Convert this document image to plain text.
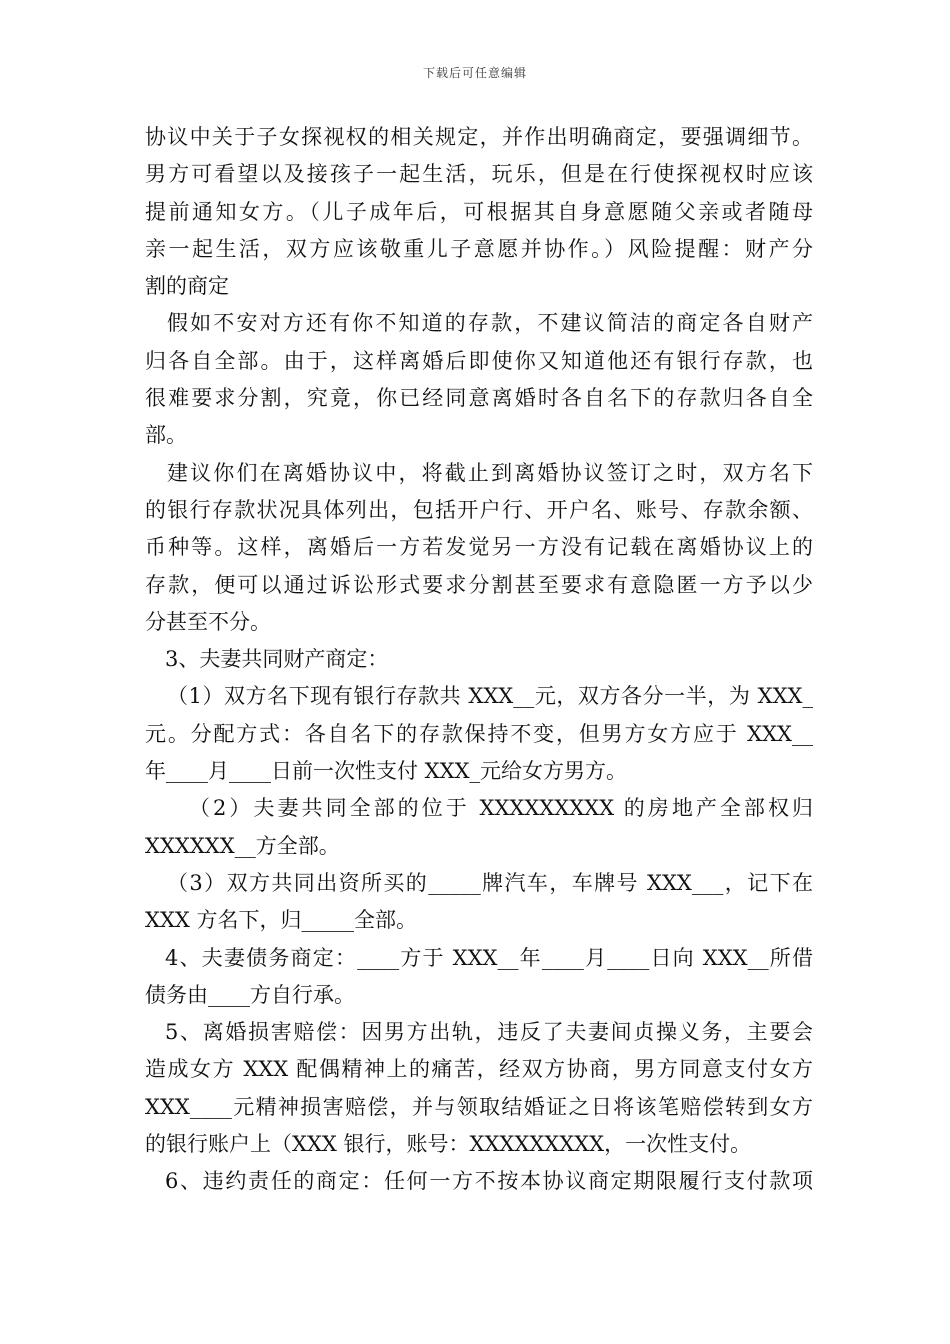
下载后可任意编辑
协议中关于子女探视权的相关规定，并作出明确商定，要强调细节。
男方可看望以及接孩子一起生活，玩乐，但是在行使探视权时应该
提前通知女方。（儿子成年后，可根据其自身意愿随父亲或者随母
亲一起生活，双方应该敬重儿子意愿并协作。）风险提醒：财产分
割的商定
假如不安对方还有你不知道的存款，不建议简洁的商定各自财产
归各自全部。由于，这样离婚后即使你又知道他还有银行存款，也
很难要求分割，究竟，你已经同意离婚时各自名下的存款归各自全
部。
建议你们在离婚协议中，将截止到离婚协议签订之时，双方名下
的银行存款状况具体列出，包括开户行、开户名、账号、存款余额、
币种等。这样，离婚后一方若发觉另一方没有记载在离婚协议上的
存款，便可以通过诉讼形式要求分割甚至要求有意隐匿一方予以少
分甚至不分。
3、夫妻共同财产商定：
（1）双方名下现有银行存款共 XXX__元，双方各分一半，为 XXX_
元。分配方式：各自名下的存款保持不变，但男方女方应于 XXX__
年____月____日前一次性支付 XXX_元给女方男方。
（2）夫妻共同全部的位于 XXXXXXXXX 的房地产全部权归
XXXXXX__方全部。
（3）双方共同出资所买的_____牌汽车，车牌号 XXX___，记下在
XXX 方名下，归_____全部。
4、夫妻债务商定：____方于 XXX__年____月____日向 XXX__所借
债务由____方自行承。
5、离婚损害赔偿：因男方出轨，违反了夫妻间贞操义务，主要会
造成女方 XXX 配偶精神上的痛苦，经双方协商，男方同意支付女方
XXX____元精神损害赔偿，并与领取结婚证之日将该笔赔偿转到女方
的银行账户上（XXX 银行，账号：XXXXXXXXX，一次性支付。
6、违约责任的商定：任何一方不按本协议商定期限履行支付款项
